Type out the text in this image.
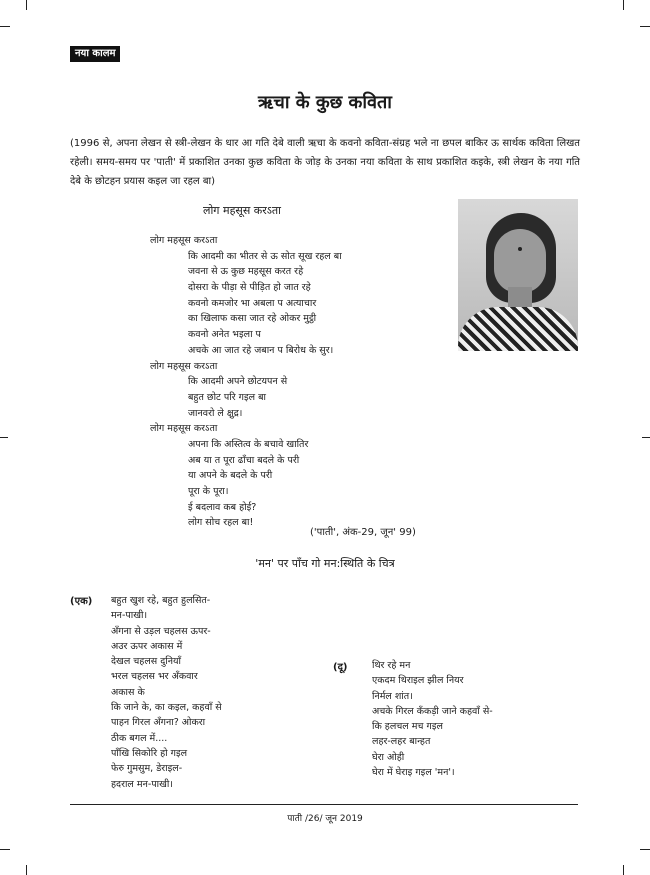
नया कालम
ऋचा के कुछ कविता
(1996 से, अपना लेखन से स्त्री-लेखन के धार आ गति देबे वाली ऋचा के कवनो कविता-संग्रह भले ना छपल बाकिर ऊ सार्थक कविता लिखत रहेली। समय-समय पर 'पाती' में प्रकाशित उनका कुछ कविता के जोड़ के उनका नया कविता के साथ प्रकाशित कइके, स्त्री लेखन के नया गति देबे के छोटहन प्रयास कइल जा रहल बा)
लोग महसूस करऽता
लोग महसूस करऽता
कि आदमी का भीतर से ऊ सोत सूख रहल बा
जवना से ऊ कुछ महसूस करत रहे
दोसरा के पीड़ा से पीड़ित हो जात रहे
कवनो कमजोर भा अबला प अत्याचार
का खिलाफ कसा जात रहे ओकर मुट्ठी
कवनो अनेत भइला प
अचके आ जात रहे जबान प बिरोध के सुर।
लोग महसूस करऽता
कि आदमी अपने छोटयपन से
बहुत छोट परि गइल बा
जानवरो ले क्षुद्र।
लोग महसूस करऽता
अपना कि अस्तित्व के बचावे खातिर
अब या त पूरा ढाँचा बदले के परी
या अपने के बदले के परी
पूरा के पूरा।
ई बदलाव कब होई?
लोग सोच रहल बा!
('पाती', अंक-29, जून' 99)
'मन' पर पाँच गो मन:स्थिति के चित्र
(एक) बहुत खुश रहे, बहुत हुलसित-
मन-पाखी।
अँगना से उड़ल चहलस ऊपर-
अउर ऊपर अकास में
देखल चहलस दुनियाँ
भरल चहलस भर अँकवार
अकास के
कि जाने के, का कइल, कहवाँ से
पाहन गिरल अँगना? ओकरा
ठीक बगल में....
पाँखि सिकोरि हो गइल
फेरु गुमसुम, डेराइल-
हदराल मन-पाखी।
(दू)	थिर रहे मन
एकदम थिराइल झील नियर
निर्मल शांत।
अचके गिरल कँकड़ी जाने कहवाँ से-
कि हलचल मच गइल
लहर-लहर बान्हत
घेरा ओही
घेरा में घेराइ गइल 'मन'।
पाती /26/ जून 2019
